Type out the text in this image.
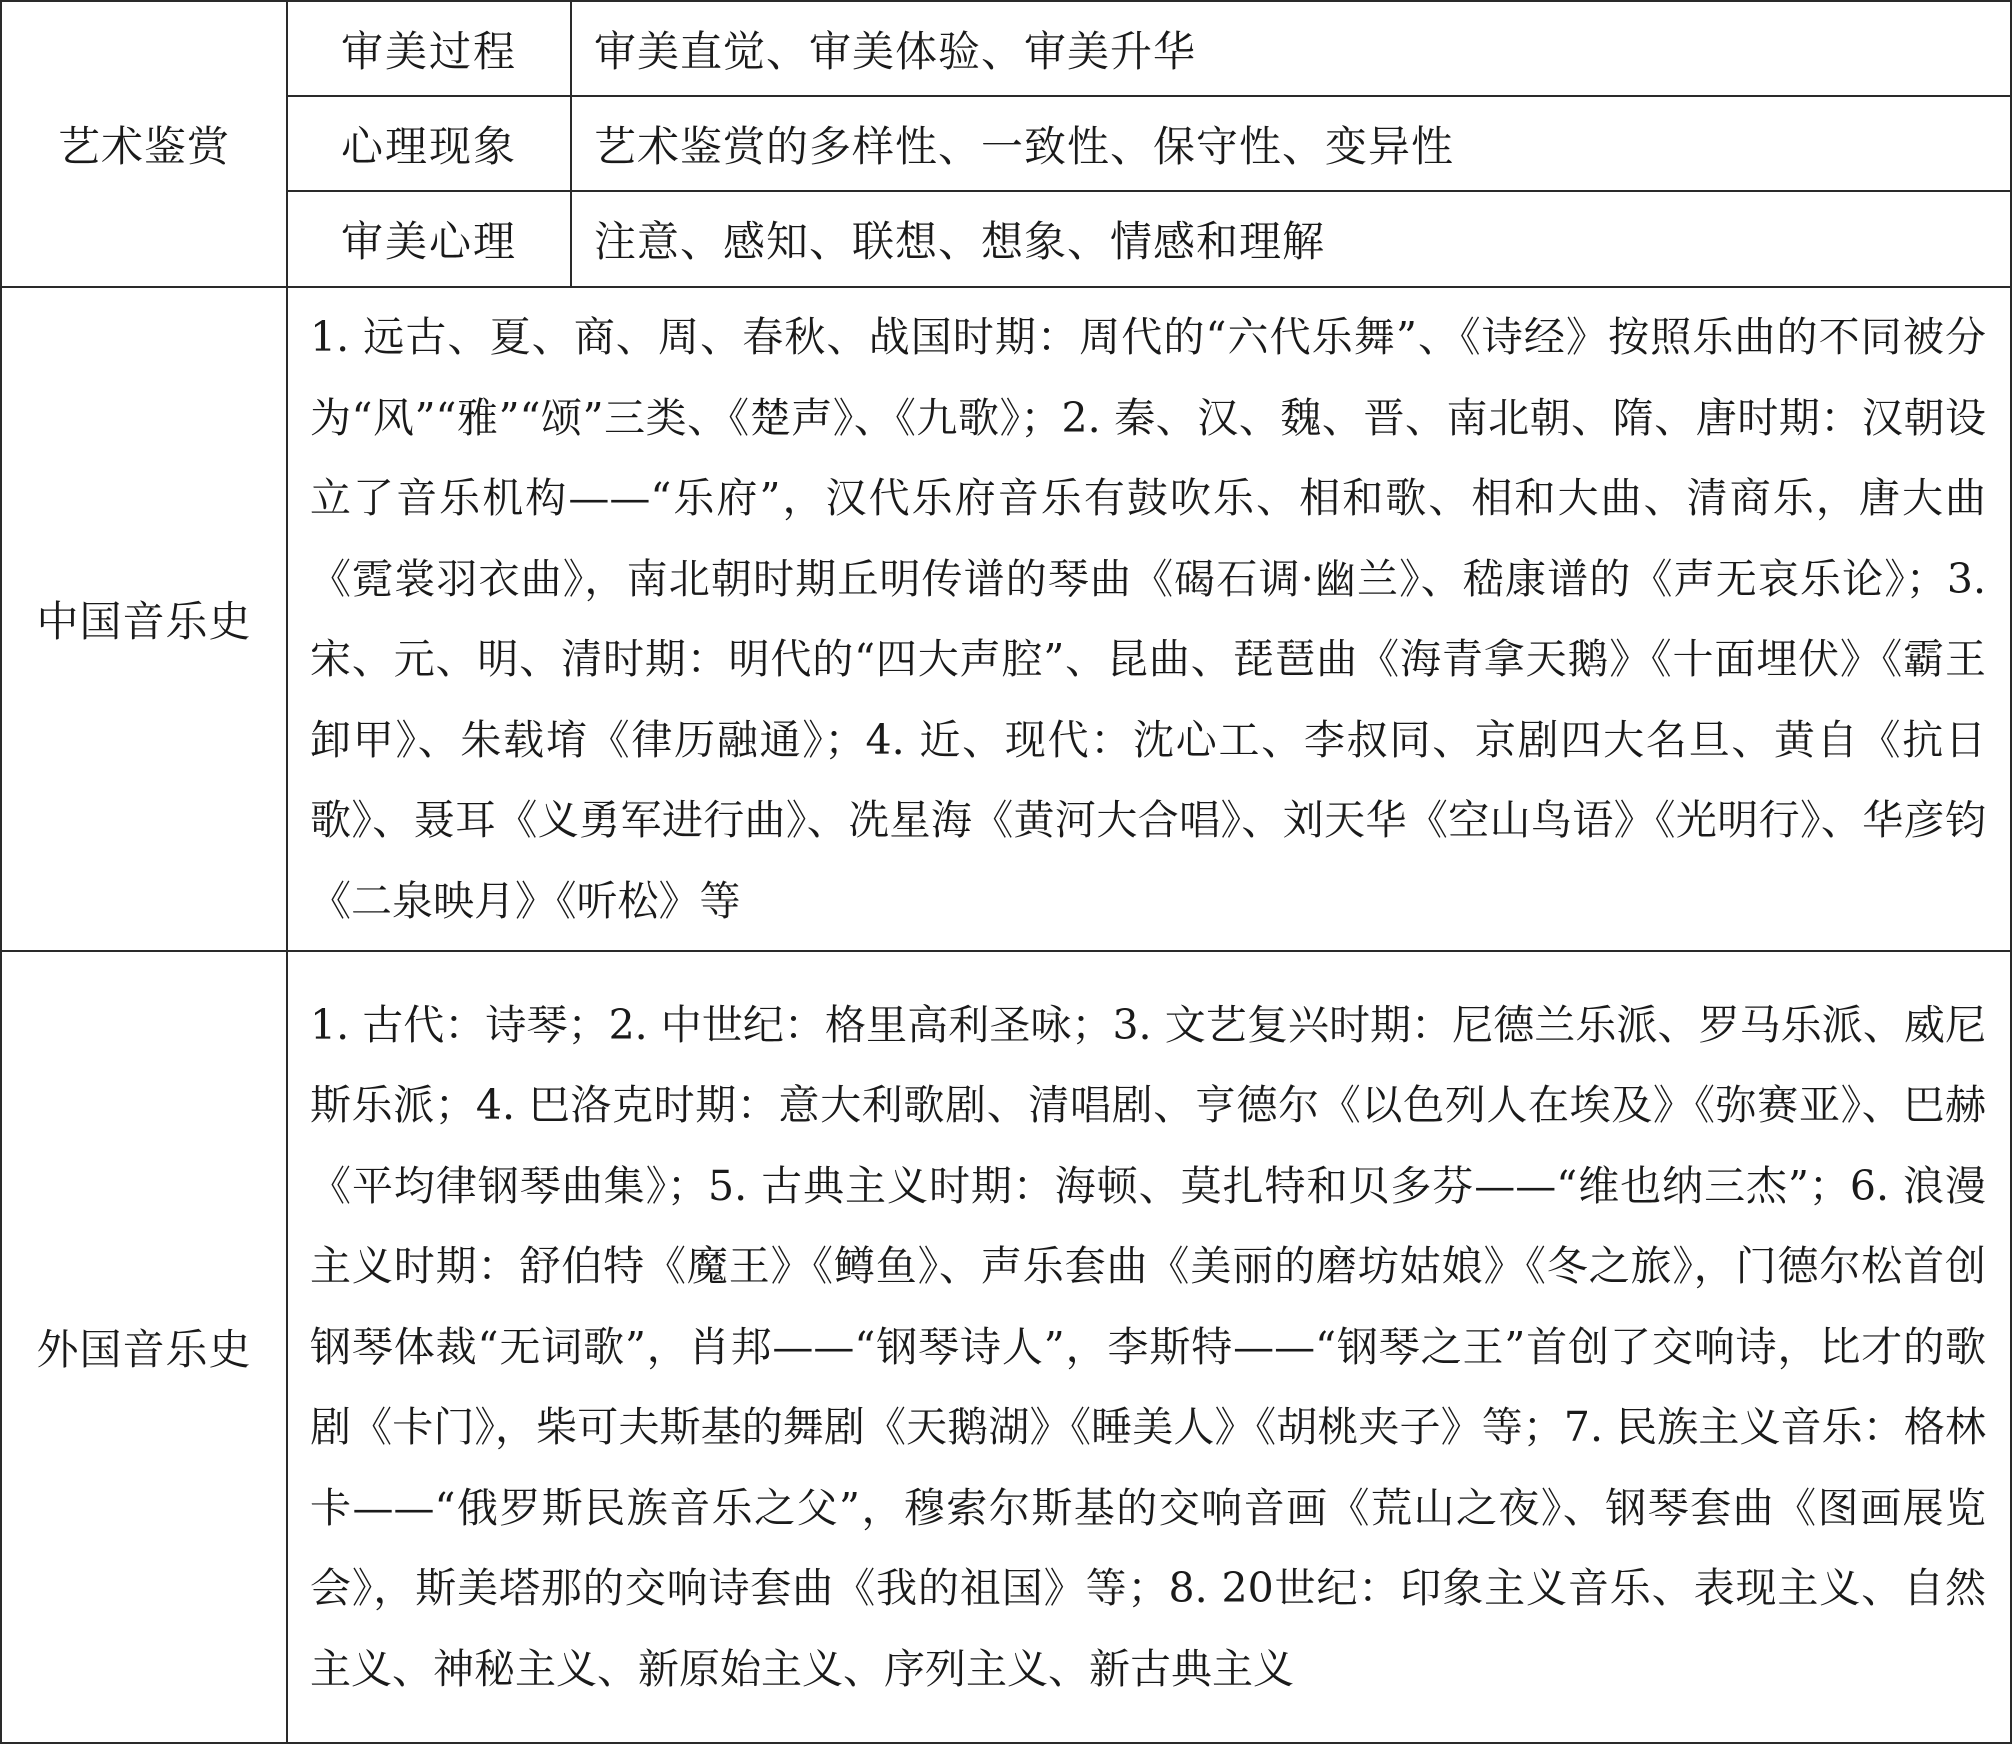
艺术鉴赏	审美过程	审美直觉、审美体验、审美升华
	心理现象	艺术鉴赏的多样性、一致性、保守性、变异性
	审美心理	注意、感知、联想、想象、情感和理解
中国音乐史	1. 远古、夏、商、周、春秋、战国时期：周代的“六代乐舞”、《诗经》按照乐曲的不同被分为“风”“雅”“颂”三类、《楚声》、《九歌》；2. 秦、汉、魏、晋、南北朝、隋、唐时期：汉朝设立了音乐机构——“乐府”，汉代乐府音乐有鼓吹乐、相和歌、相和大曲、清商乐，唐大曲《霓裳羽衣曲》，南北朝时期丘明传谱的琴曲《碣石调·幽兰》、嵇康谱的《声无哀乐论》；3. 宋、元、明、清时期：明代的“四大声腔”、昆曲、琵琶曲《海青拿天鹅》《十面埋伏》《霸王卸甲》、朱载堉《律历融通》；4. 近、现代：沈心工、李叔同、京剧四大名旦、黄自《抗日歌》、聂耳《义勇军进行曲》、冼星海《黄河大合唱》、刘天华《空山鸟语》《光明行》、华彦钧《二泉映月》《听松》等	
外国音乐史	1. 古代：诗琴；2. 中世纪：格里高利圣咏；3. 文艺复兴时期：尼德兰乐派、罗马乐派、威尼斯乐派；4. 巴洛克时期：意大利歌剧、清唱剧、亨德尔《以色列人在埃及》《弥赛亚》、巴赫《平均律钢琴曲集》；5. 古典主义时期：海顿、莫扎特和贝多芬——“维也纳三杰”；6. 浪漫主义时期：舒伯特《魔王》《鳟鱼》、声乐套曲《美丽的磨坊姑娘》《冬之旅》，门德尔松首创钢琴体裁“无词歌”，肖邦——“钢琴诗人”，李斯特——“钢琴之王”首创了交响诗，比才的歌剧《卡门》，柴可夫斯基的舞剧《天鹅湖》《睡美人》《胡桃夹子》等；7. 民族主义音乐：格林卡——“俄罗斯民族音乐之父”，穆索尔斯基的交响音画《荒山之夜》、钢琴套曲《图画展览会》，斯美塔那的交响诗套曲《我的祖国》等；8. 20世纪：印象主义音乐、表现主义、自然主义、神秘主义、新原始主义、序列主义、新古典主义	
